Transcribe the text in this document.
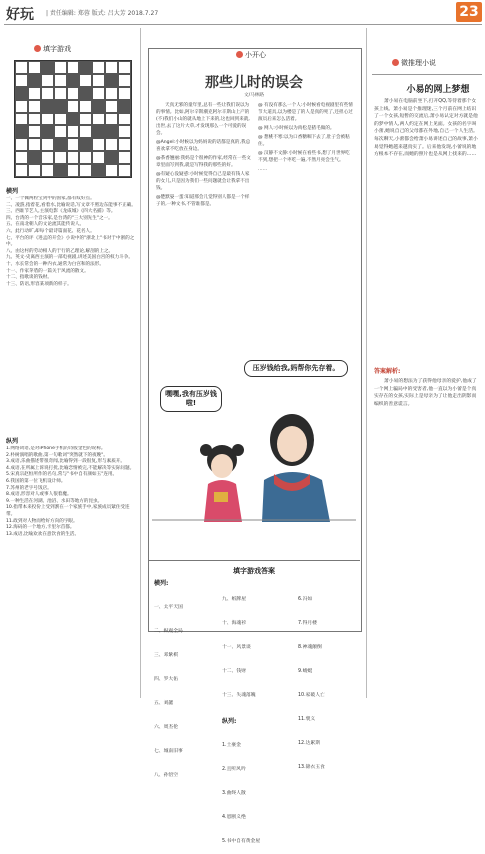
好玩 | 责任编辑: 郑蓉 版式: 吕大芳 2018.7.27	23
填字游戏
横列
一、一个佩两粒宝剑中的国家,都有纹好点。
二、凌游,指着花,看着水,比喻说话,写文章不照边东能事不正确。
三、西谁节艺人,主演电影《龙咸城》《四大名捕》等。
四、台湾的一个音乐家,是台湾的"三大别先生"之一。
五、在南北朝人的文论流其能传说人。
六、此行动旷,却每个最诗篇面花、花名人。
七、平台的评《进孟的开会》小说中的"浙北上"书对于中浙的之中。
八、由这村的劳动相人的于行的乙理论,解剖的上之。
九、英文·史离西主演的一部电视剧,讲述美国白宫的权力斗争。
十、水长常会的一种内衣,通常为白宫和的法形。
十一、作家茅盾的一篇关于风流的散文。
十二、指歌谈的钱财。
十三、防语,形容某项新的样子。
纵列
1.网络词语,是对iPhone手机的诗般金色的说称。
2.朴树演唱的歌曲,第一句歌词"突然就下的夜晚"。
3.成语,乐曲描述带很奇闻,比喻得到一段很复,形与素质开。
4.成语,在所属上诉说打扰,比喻恋情被完,不能解决等实际问题。
5.宋真宗赵恒所作的名句,常与"书中自有颜如玉"连用。
6.我国的第一位飞机设计师。
7.苏州的老字号饭店。
8.成语,形容对人或事人很着魔。
9.一种生活在河湖、池沼、水田等地方的昆虫。
10.指带本来投份上受到割在一个家族手中,家族成员紧住受连带。
11.政到对人物而给好方向的字眼。
12.海码的一个地方,卡里尔首都。
13.成语,比喻欢欢在意饮食的生活。
小开心
那些儿时的误会
文/马林路

天真无邪的童年里,总有一些让我们误以为的事情。比如,阿尔辛斯潮克阿尔辛斯山上产的(不)我们小山的就从地上下来的,这也回到来就,出世,去了这片大草,才发现那么一个可爱的误会。

@Angel:小时候以为妈妈说的话都是真的,我总喜欢拿不吃放在身边。

@茶香翘丽:我妈是个很神的作家,经常在一些文章里面写到我,就是写得我的那些的好。

@有疑心没疑惑:小时候觉得自己是最有钱人家的女儿,只是因为我们一些问题就会让我拿不出钱。

@楚默晏一蛋:知道那会儿觉得别人都是一个样子的,一种文书,不管谁都是。

@ 有没有那么一个人:小时候看电视剧里有些情节大道具,以为楼是了的人是真的死了,还担心过演员后来怎么活着。

@ 网人:小时候以为肉松是猪毛做的。

@ 想桃不寒:以为口香糖咽下去了,肚子会被粘住。

@ 汉静不文静:小时候在看些书,想了月世界吃不到,想把一个枣吃一遍,不然月亮会生气。

……

嘿嘿,我有压岁钱啦!
压岁钱给我,妈帮你先存着。
填字游戏答案
横列:

一、太平天国

二、纵观全局

三、邓紫棋

四、罗大佑

五、刘勰

六、周杰伦

七、城南旧事

八、孙悟空

九、纸牌屋

十、海魂衫

十一、风景谈

十二、钱财

十三、失魂落魄

纵列:

1.土豪金

2.且听风吟

3.曲终人散

4.恩断义绝

5.书中自有黄金屋

6.冯如

7.得月楼

8.神魂颠倒

9.蜻蜓

10.家破人亡

11.褒义

12.达累斯

13.锦衣玉食

微推理小说
小易的网上梦想
萧小易在电脑前坐下,打开QQ,等待着那个女孩上线。萧小易是个推理迷,三个月前在网上结识了一个女孩,短暂的交流后,萧小易认定对方就是他的梦中情人,两人约定在网上见面。女孩的名字叫小蕾,她说自己的父母都在外地,自己一个人生活。每次聊天,小蕾都会给萧小易讲述自己的故事,萧小易觉得她越来越真实了。后来他发现,小蕾说的地方根本不存在,而她的照片也是从网上找来的……
答案解析:
萧小易的想法为了获得他母亲的爱护,他成了一个网上骗局中的受害者,他一直以为小蕾是个真实存在的女孩,实际上是母亲为了让他走出阴影而编织的善意谎言。
